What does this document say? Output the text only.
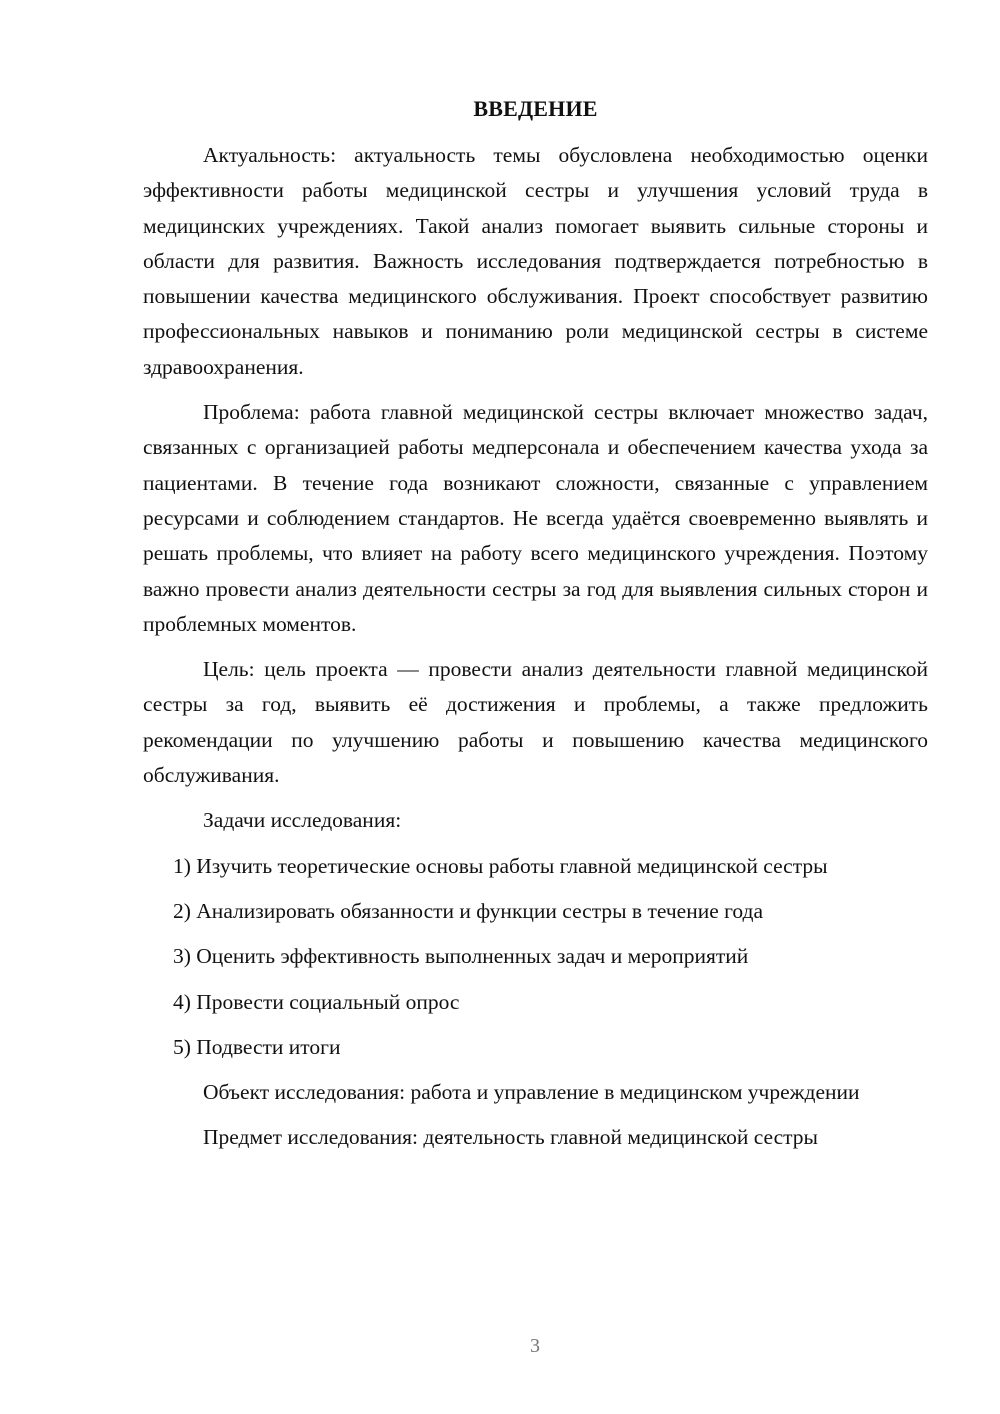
ВВЕДЕНИЕ

Актуальность: актуальность темы обусловлена необходимостью оценки эффективности работы медицинской сестры и улучшения условий труда в медицинских учреждениях. Такой анализ помогает выявить сильные стороны и области для развития. Важность исследования подтверждается потребностью в повышении качества медицинского обслуживания. Проект способствует развитию профессиональных навыков и пониманию роли медицинской сестры в системе здравоохранения.

Проблема: работа главной медицинской сестры включает множество задач, связанных с организацией работы медперсонала и обеспечением качества ухода за пациентами. В течение года возникают сложности, связанные с управлением ресурсами и соблюдением стандартов. Не всегда удаётся своевременно выявлять и решать проблемы, что влияет на работу всего медицинского учреждения. Поэтому важно провести анализ деятельности сестры за год для выявления сильных сторон и проблемных моментов.

Цель: цель проекта — провести анализ деятельности главной медицинской сестры за год, выявить её достижения и проблемы, а также предложить рекомендации по улучшению работы и повышению качества медицинского обслуживания.

Задачи исследования:

1) Изучить теоретические основы работы главной медицинской сестры

2) Анализировать обязанности и функции сестры в течение года

3) Оценить эффективность выполненных задач и мероприятий

4) Провести социальный опрос

5) Подвести итоги

Объект исследования: работа и управление в медицинском учреждении

Предмет исследования: деятельность главной медицинской сестры

3
